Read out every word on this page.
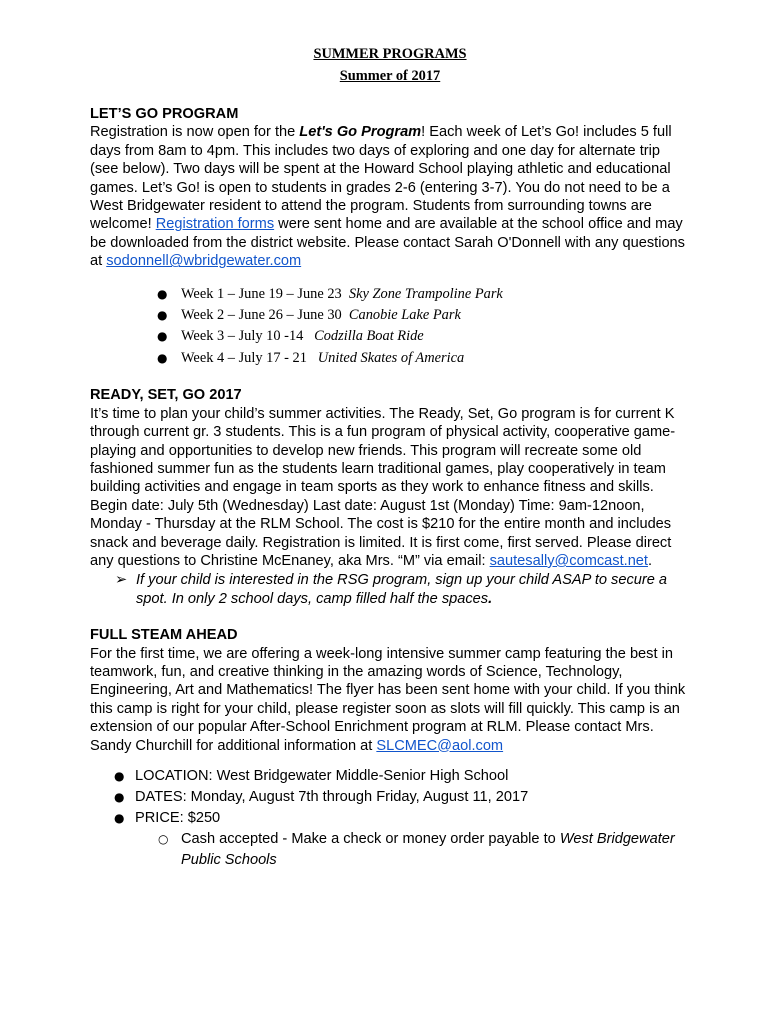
SUMMER PROGRAMS

Summer of 2017

LET’S GO PROGRAM

Registration is now open for the Let's Go Program! Each week of Let’s Go! includes 5 full days from 8am to 4pm. This includes two days of exploring and one day for alternate trip (see below). Two days will be spent at the Howard School playing athletic and educational games. Let’s Go! is open to students in grades 2-6 (entering 3-7). You do not need to be a West Bridgewater resident to attend the program. Students from surrounding towns are welcome! Registration forms were sent home and are available at the school office and may be downloaded from the district website. Please contact Sarah O'Donnell with any questions at sodonnell@wbridgewater.com

● Week 1 – June 19 – June 23 Sky Zone Trampoline Park
● Week 2 – June 26 – June 30 Canobie Lake Park
● Week 3 – July 10 -14 Codzilla Boat Ride
● Week 4 – July 17 - 21 United Skates of America
READY, SET, GO 2017

It’s time to plan your child’s summer activities. The Ready, Set, Go program is for current K through current gr. 3 students. This is a fun program of physical activity, cooperative game-playing and opportunities to develop new friends. This program will recreate some old fashioned summer fun as the students learn traditional games, play cooperatively in team building activities and engage in team sports as they work to enhance fitness and skills. Begin date: July 5th (Wednesday) Last date: August 1st (Monday) Time: 9am-12noon, Monday - Thursday at the RLM School. The cost is $210 for the entire month and includes snack and beverage daily. Registration is limited. It is first come, first served. Please direct any questions to Christine McEnaney, aka Mrs. “M” via email: sautesally@comcast.net.

➢ If your child is interested in the RSG program, sign up your child ASAP to secure a spot. In only 2 school days, camp filled half the spaces.
FULL STEAM AHEAD

For the first time, we are offering a week-long intensive summer camp featuring the best in teamwork, fun, and creative thinking in the amazing words of Science, Technology, Engineering, Art and Mathematics! The flyer has been sent home with your child. If you think this camp is right for your child, please register soon as slots will fill quickly. This camp is an extension of our popular After-School Enrichment program at RLM. Please contact Mrs. Sandy Churchill for additional information at SLCMEC@aol.com

● LOCATION: West Bridgewater Middle-Senior High School
● DATES: Monday, August 7th through Friday, August 11, 2017
● PRICE: $250
○ Cash accepted - Make a check or money order payable to West Bridgewater Public Schools
